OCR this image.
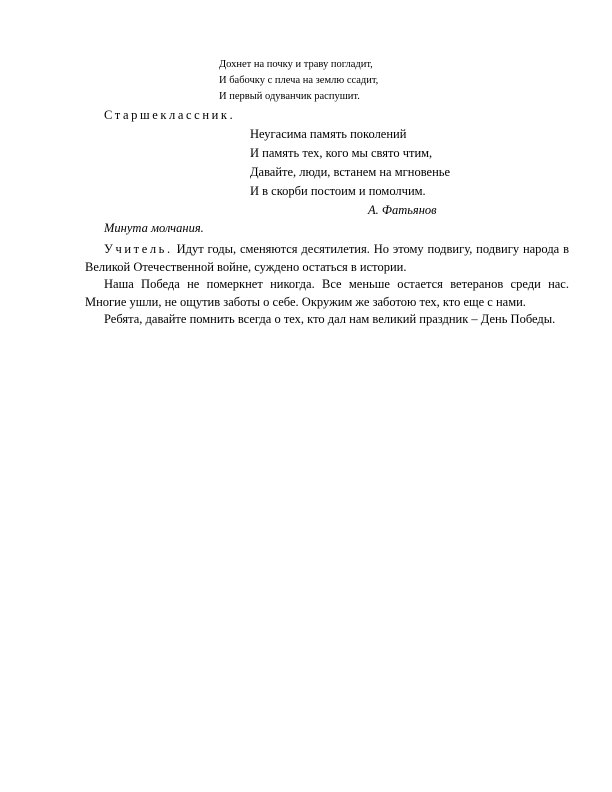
Дохнет на почку и траву погладит,
И бабочку с плеча на землю ссадит,
И первый одуванчик распушит.
Старшеклассник.
Неугасима память поколений
И память тех, кого мы свято чтим,
Давайте, люди, встанем на мгновенье
И в скорби постоим и помолчим.
А. Фатьянов
Минута молчания.

Учитель. Идут годы, сменяются десятилетия. Но этому подвигу, подвигу народа в Великой Отечественной войне, суждено остаться в истории.

Наша Победа не померкнет никогда. Все меньше остается ветеранов среди нас. Многие ушли, не ощутив заботы о себе. Окружим же заботою тех, кто еще с нами.

Ребята, давайте помнить всегда о тех, кто дал нам великий праздник – День Победы.
